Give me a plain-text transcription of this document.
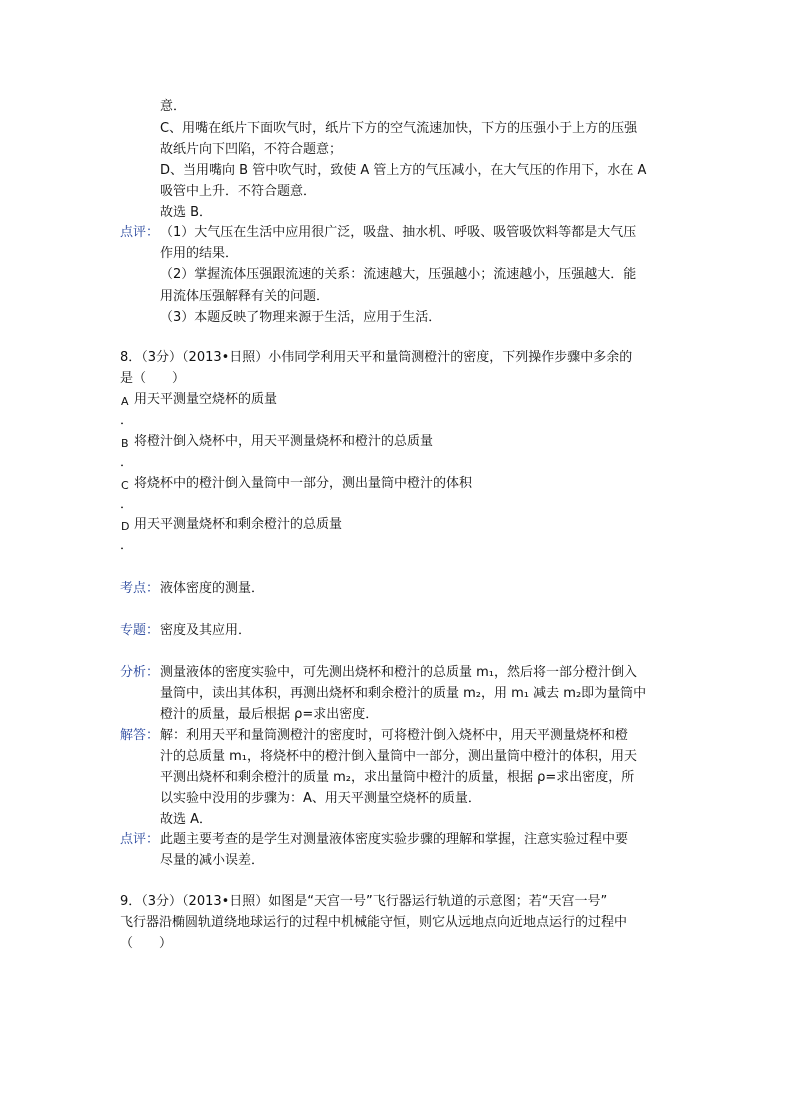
意．
C、用嘴在纸片下面吹气时，纸片下方的空气流速加快，下方的压强小于上方的压强
故纸片向下凹陷，不符合题意；
D、当用嘴向 B 管中吹气时，致使 A 管上方的气压减小，在大气压的作用下，水在 A
吸管中上升．不符合题意．
故选 B．
点评： （1）大气压在生活中应用很广泛，吸盘、抽水机、呼吸、吸管吸饮料等都是大气压
作用的结果．
（2）掌握流体压强跟流速的关系：流速越大，压强越小；流速越小，压强越大．能
用流体压强解释有关的问题．
（3）本题反映了物理来源于生活，应用于生活．
8．（3分）（2013•日照）小伟同学利用天平和量筒测橙汁的密度，下列操作步骤中多余的
是（　　）
A 用天平测量空烧杯的质量
．
B 将橙汁倒入烧杯中，用天平测量烧杯和橙汁的总质量
．
C 将烧杯中的橙汁倒入量筒中一部分，测出量筒中橙汁的体积
．
D 用天平测量烧杯和剩余橙汁的总质量
．
考点： 液体密度的测量．
专题： 密度及其应用．
分析： 测量液体的密度实验中，可先测出烧杯和橙汁的总质量 m₁，然后将一部分橙汁倒入
量筒中，读出其体积，再测出烧杯和剩余橙汁的质量 m₂，用 m₁ 减去 m₂即为量筒中
橙汁的质量，最后根据 ρ=求出密度．
解答： 解：利用天平和量筒测橙汁的密度时，可将橙汁倒入烧杯中，用天平测量烧杯和橙
汁的总质量 m₁，将烧杯中的橙汁倒入量筒中一部分，测出量筒中橙汁的体积，用天
平测出烧杯和剩余橙汁的质量 m₂，求出量筒中橙汁的质量，根据 ρ=求出密度，所
以实验中没用的步骤为：A、用天平测量空烧杯的质量．
故选 A．
点评： 此题主要考查的是学生对测量液体密度实验步骤的理解和掌握，注意实验过程中要
尽量的减小误差．
9．（3分）（2013•日照）如图是“天宫一号”飞行器运行轨道的示意图；若“天宫一号”
飞行器沿椭圆轨道绕地球运行的过程中机械能守恒，则它从远地点向近地点运行的过程中
（　　）
